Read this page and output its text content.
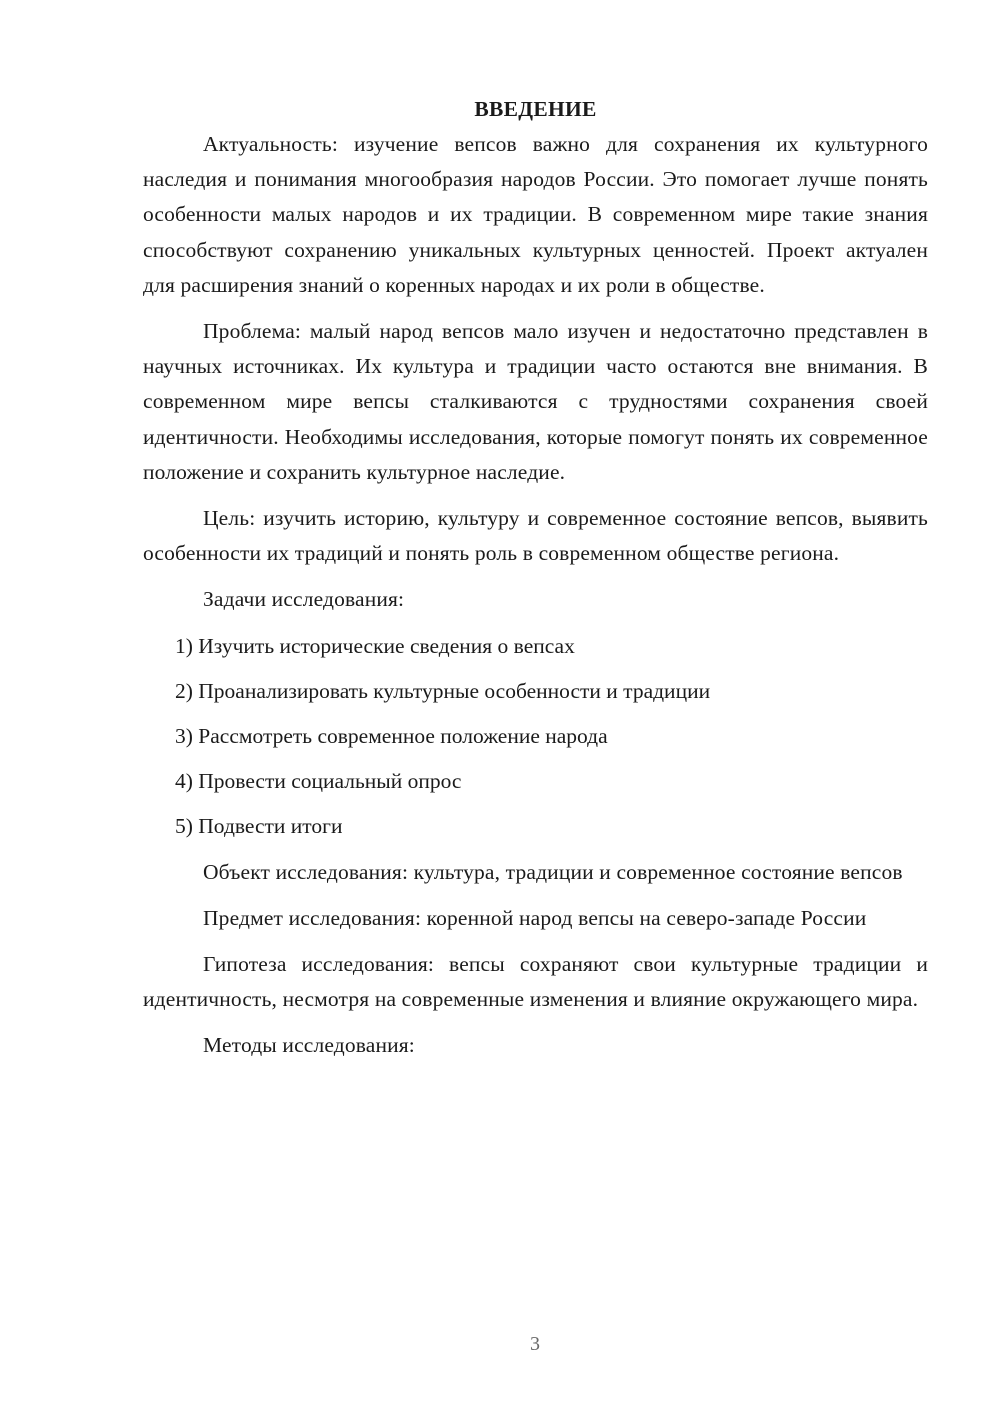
ВВЕДЕНИЕ

Актуальность: изучение вепсов важно для сохранения их культурного наследия и понимания многообразия народов России. Это помогает лучше понять особенности малых народов и их традиции. В современном мире такие знания способствуют сохранению уникальных культурных ценностей. Проект актуален для расширения знаний о коренных народах и их роли в обществе.

Проблема: малый народ вепсов мало изучен и недостаточно представлен в научных источниках. Их культура и традиции часто остаются вне внимания. В современном мире вепсы сталкиваются с трудностями сохранения своей идентичности. Необходимы исследования, которые помогут понять их современное положение и сохранить культурное наследие.

Цель: изучить историю, культуру и современное состояние вепсов, выявить особенности их традиций и понять роль в современном обществе региона.

Задачи исследования:

1) Изучить исторические сведения о вепсах
2) Проанализировать культурные особенности и традиции
3) Рассмотреть современное положение народа
4) Провести социальный опрос
5) Подвести итоги

Объект исследования: культура, традиции и современное состояние вепсов

Предмет исследования: коренной народ вепсы на северо-западе России

Гипотеза исследования: вепсы сохраняют свои культурные традиции и идентичность, несмотря на современные изменения и влияние окружающего мира.

Методы исследования:

3
